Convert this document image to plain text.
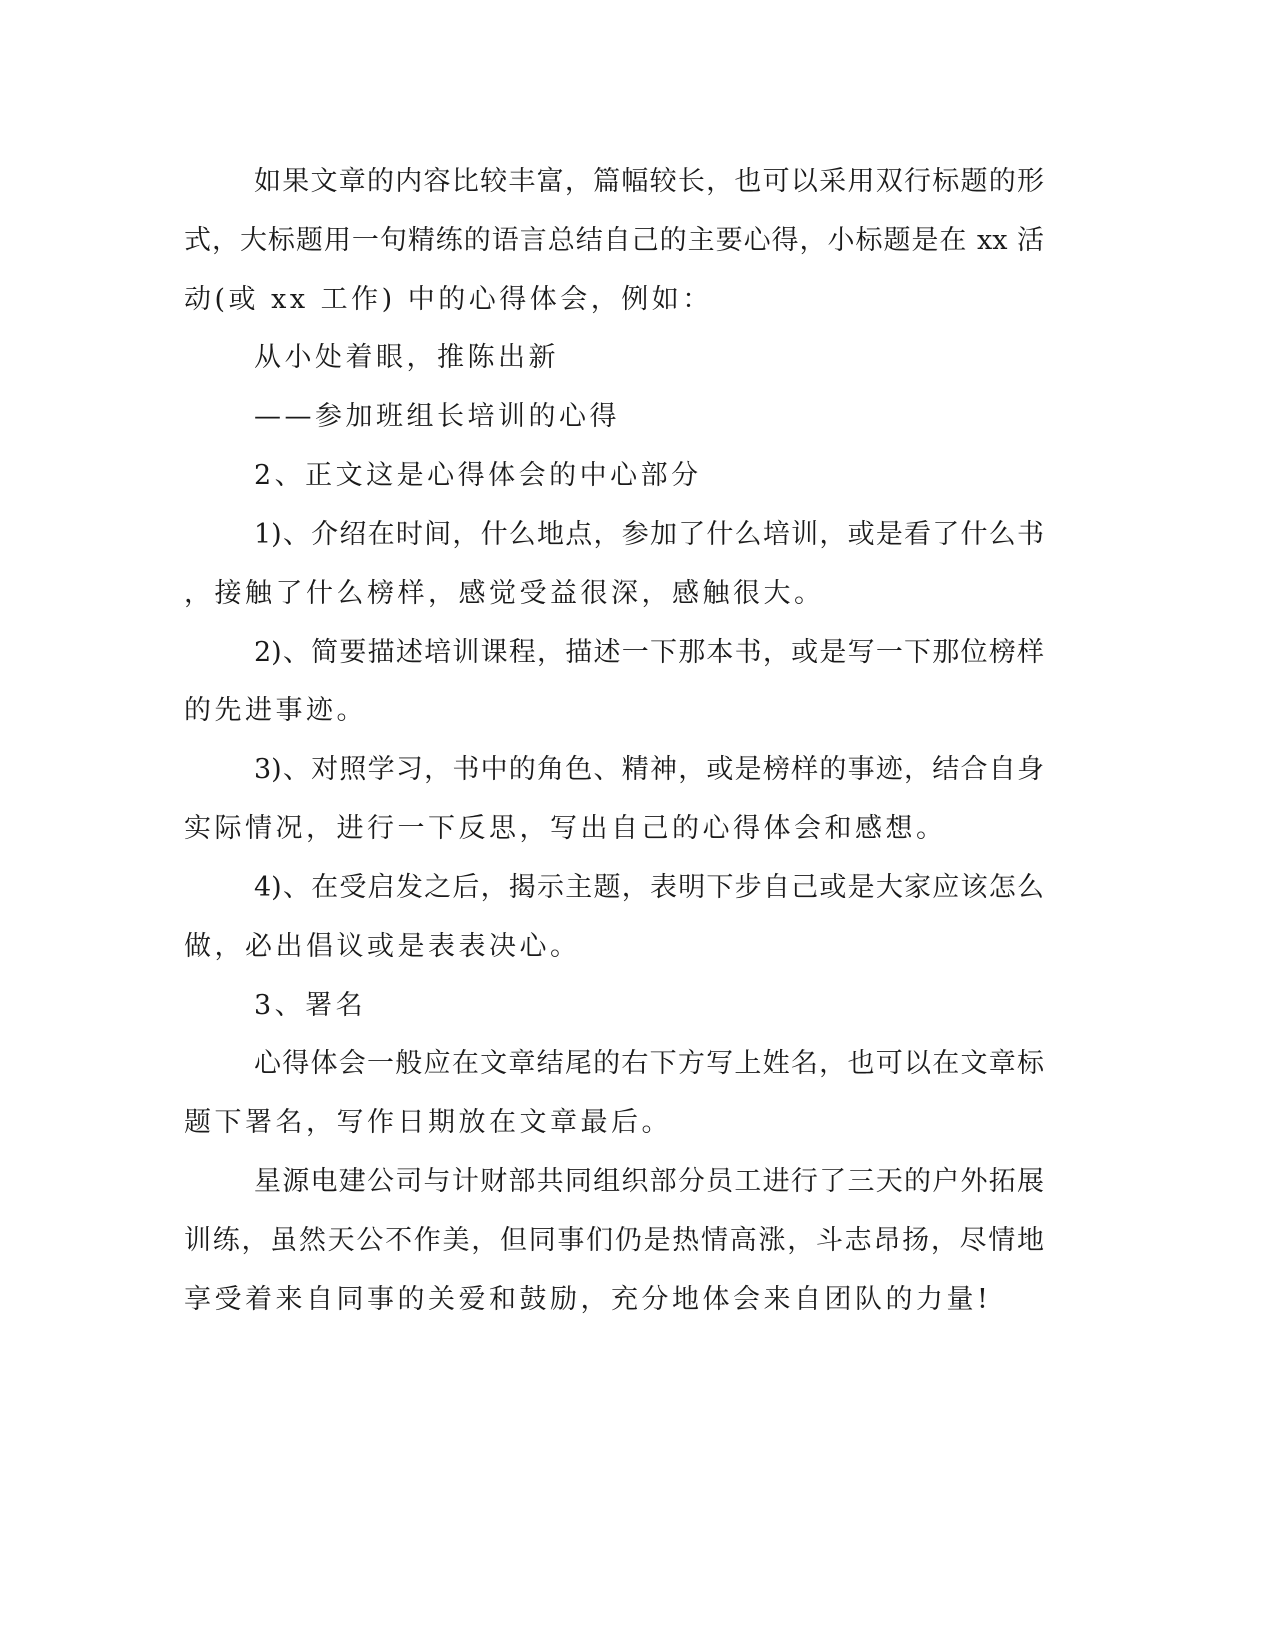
如果文章的内容比较丰富，篇幅较长，也可以采用双行标题的形

式，大标题用一句精练的语言总结自己的主要心得，小标题是在 xx 活

动(或 xx 工作) 中的心得体会，例如：

从小处着眼，推陈出新

——参加班组长培训的心得

2、正文这是心得体会的中心部分

1)、介绍在时间，什么地点，参加了什么培训，或是看了什么书

，接触了什么榜样，感觉受益很深，感触很大。

2)、简要描述培训课程，描述一下那本书，或是写一下那位榜样

的先进事迹。

3)、对照学习，书中的角色、精神，或是榜样的事迹，结合自身

实际情况，进行一下反思，写出自己的心得体会和感想。

4)、在受启发之后，揭示主题，表明下步自己或是大家应该怎么

做，必出倡议或是表表决心。

3、署名

心得体会一般应在文章结尾的右下方写上姓名，也可以在文章标

题下署名，写作日期放在文章最后。

星源电建公司与计财部共同组织部分员工进行了三天的户外拓展

训练，虽然天公不作美，但同事们仍是热情高涨，斗志昂扬，尽情地

享受着来自同事的关爱和鼓励，充分地体会来自团队的力量!
